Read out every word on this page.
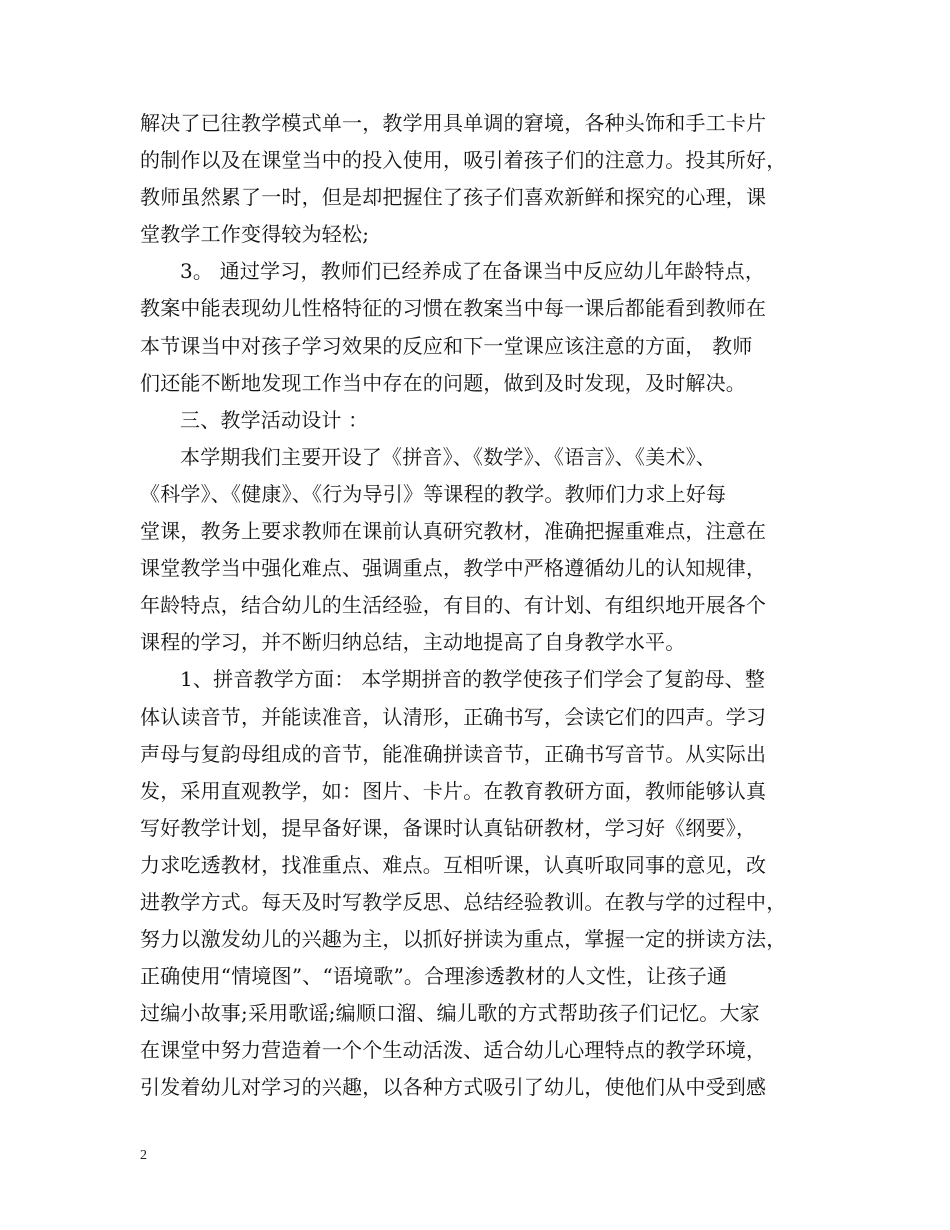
解决了已往教学模式单一，教学用具单调的窘境，各种头饰和手工卡片
的制作以及在课堂当中的投入使用，吸引着孩子们的注意力。投其所好，
教师虽然累了一时，但是却把握住了孩子们喜欢新鲜和探究的心理，课
堂教学工作变得较为轻松;
3。 通过学习，教师们已经养成了在备课当中反应幼儿年龄特点，
教案中能表现幼儿性格特征的习惯在教案当中每一课后都能看到教师在
本节课当中对孩子学习效果的反应和下一堂课应该注意的方面， 教师
们还能不断地发现工作当中存在的问题，做到及时发现，及时解决。
三、教学活动设计 ：
本学期我们主要开设了《拼音》、《数学》、《语言》、《美术》、
《科学》、《健康》、《行为导引》等课程的教学。教师们力求上好每
堂课，教务上要求教师在课前认真研究教材，准确把握重难点，注意在
课堂教学当中强化难点、强调重点，教学中严格遵循幼儿的认知规律，
年龄特点，结合幼儿的生活经验，有目的、有计划、有组织地开展各个
课程的学习，并不断归纳总结，主动地提高了自身教学水平。
1、拼音教学方面： 本学期拼音的教学使孩子们学会了复韵母、整
体认读音节，并能读准音，认清形，正确书写，会读它们的四声。学习
声母与复韵母组成的音节，能准确拼读音节，正确书写音节。从实际出
发，采用直观教学，如：图片、卡片。在教育教研方面，教师能够认真
写好教学计划，提早备好课，备课时认真钻研教材，学习好《纲要》，
力求吃透教材，找准重点、难点。互相听课，认真听取同事的意见，改
进教学方式。每天及时写教学反思、总结经验教训。在教与学的过程中，
努力以激发幼儿的兴趣为主，以抓好拼读为重点，掌握一定的拼读方法，
正确使用“情境图”、“语境歌”。合理渗透教材的人文性，让孩子通
过编小故事;采用歌谣;编顺口溜、编儿歌的方式帮助孩子们记忆。大家
在课堂中努力营造着一个个生动活泼、适合幼儿心理特点的教学环境，
引发着幼儿对学习的兴趣，以各种方式吸引了幼儿，使他们从中受到感
2
